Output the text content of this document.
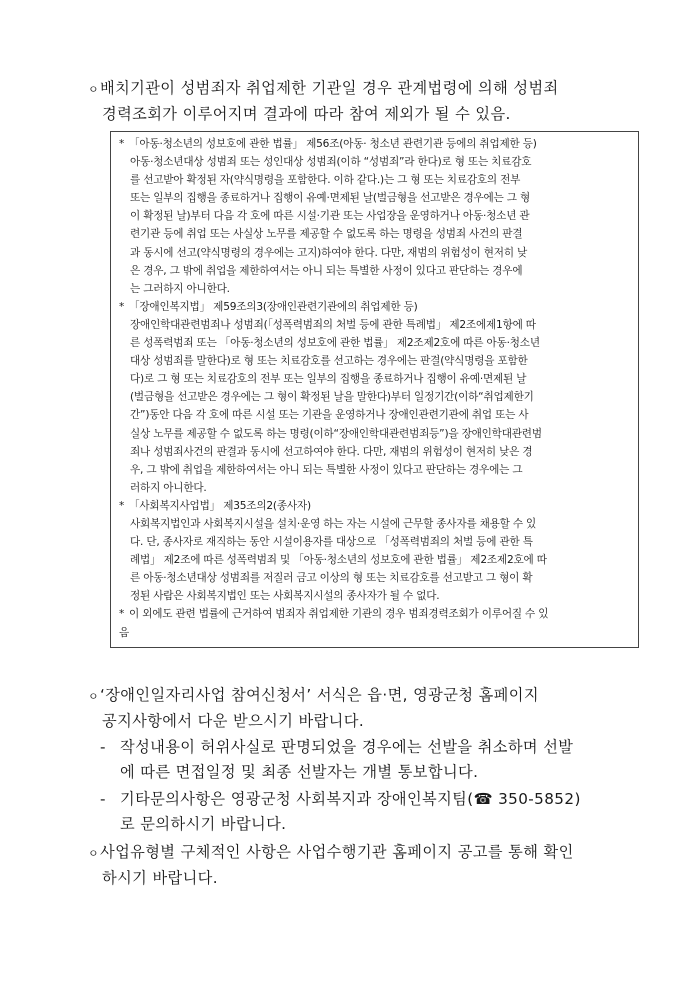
ㅇ배치기관이 성범죄자 취업제한 기관일 경우 관계법령에 의해 성범죄
경력조회가 이루어지며 결과에 따라 참여 제외가 될 수 있음.
* 「아동·청소년의 성보호에 관한 법률」 제56조(아동· 청소년 관련기관 등에의 취업제한 등)
아동·청소년대상 성범죄 또는 성인대상 성범죄(이하 “성범죄”라 한다)로 형 또는 치료감호
를 선고받아 확정된 자(약식명령을 포함한다. 이하 같다.)는 그 형 또는 치료감호의 전부
또는 일부의 집행을 종료하거나 집행이 유예·면제된 날(벌금형을 선고받은 경우에는 그 형
이 확정된 날)부터 다음 각 호에 따른 시설·기관 또는 사업장을 운영하거나 아동·청소년 관
련기관 등에 취업 또는 사실상 노무를 제공할 수 없도록 하는 명령을 성범죄 사건의 판결
과 동시에 선고(약식명령의 경우에는 고지)하여야 한다. 다만, 재범의 위험성이 현저히 낮
은 경우, 그 밖에 취업을 제한하여서는 아니 되는 특별한 사정이 있다고 판단하는 경우에
는 그러하지 아니한다.
* 「장애인복지법」 제59조의3(장애인관련기관에의 취업제한 등)
장애인학대관련범죄나 성범죄(「성폭력범죄의 처벌 등에 관한 특례법」 제2조에제1항에 따
른 성폭력범죄 또는 「아동·청소년의 성보호에 관한 법률」 제2조제2호에 따른 아동·청소년
대상 성범죄를 말한다)로 형 또는 치료감호를 선고하는 경우에는 판결(약식명령을 포함한
다)로 그 형 또는 치료감호의 전부 또는 일부의 집행을 종료하거나 집행이 유예·면제된 날
(벌금형을 선고받은 경우에는 그 형이 확정된 날을 말한다)부터 일정기간(이하“취업제한기
간”)동안 다음 각 호에 따른 시설 또는 기관을 운영하거나 장애인관련기관에 취업 또는 사
실상 노무를 제공할 수 없도록 하는 명령(이하“장애인학대관련범죄등”)을 장애인학대관련범
죄나 성범죄사건의 판결과 동시에 선고하여야 한다. 다만, 재범의 위험성이 현저히 낮은 경
우, 그 밖에 취업을 제한하여서는 아니 되는 특별한 사정이 있다고 판단하는 경우에는 그
러하지 아니한다.
* 「사회복지사업법」 제35조의2(종사자)
사회복지법인과 사회복지시설을 설치·운영 하는 자는 시설에 근무할 종사자를 채용할 수 있
다. 단, 종사자로 재직하는 동안 시설이용자를 대상으로 「성폭력범죄의 처벌 등에 관한 특
례법」 제2조에 따른 성폭력범죄 및 「아동·청소년의 성보호에 관한 법률」 제2조제2호에 따
른 아동·청소년대상 성범죄를 저질러 금고 이상의 형 또는 치료감호를 선고받고 그 형이 확
정된 사람은 사회복지법인 또는 사회복지시설의 종사자가 될 수 없다.
* 이 외에도 관련 법률에 근거하여 범죄자 취업제한 기관의 경우 범죄경력조회가 이루어질 수 있
음
ㅇ‘장애인일자리사업 참여신청서’ 서식은 읍·면, 영광군청 홈페이지
공지사항에서 다운 받으시기 바랍니다.
- 작성내용이 허위사실로 판명되었을 경우에는 선발을 취소하며 선발
에 따른 면접일정 및 최종 선발자는 개별 통보합니다.
- 기타문의사항은 영광군청 사회복지과 장애인복지팀(☎ 350-5852)
로 문의하시기 바랍니다.
ㅇ사업유형별 구체적인 사항은 사업수행기관 홈페이지 공고를 통해 확인
하시기 바랍니다.
